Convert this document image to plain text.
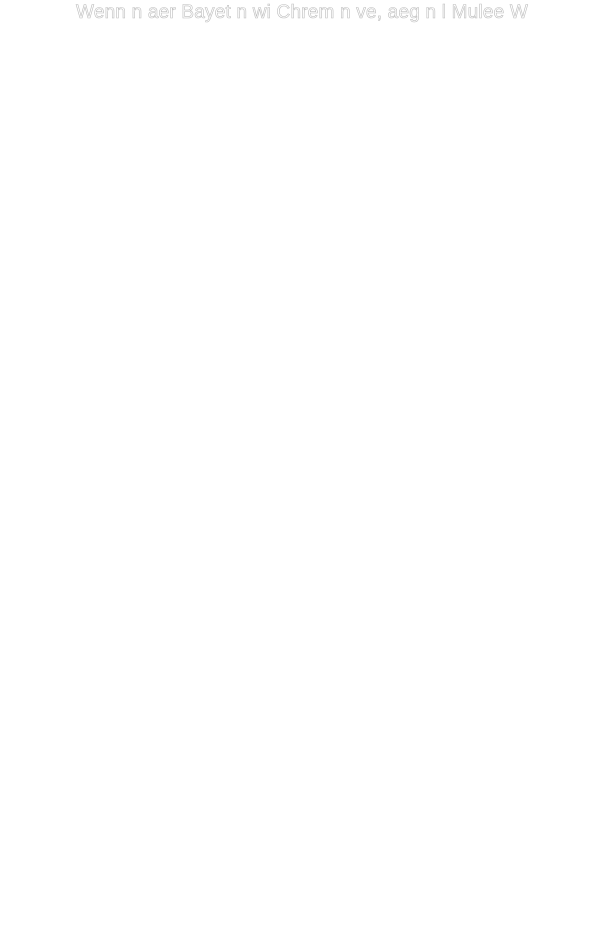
Wenn n aer Bayet n wi Chrem n ve, aeg n l Mulee W
